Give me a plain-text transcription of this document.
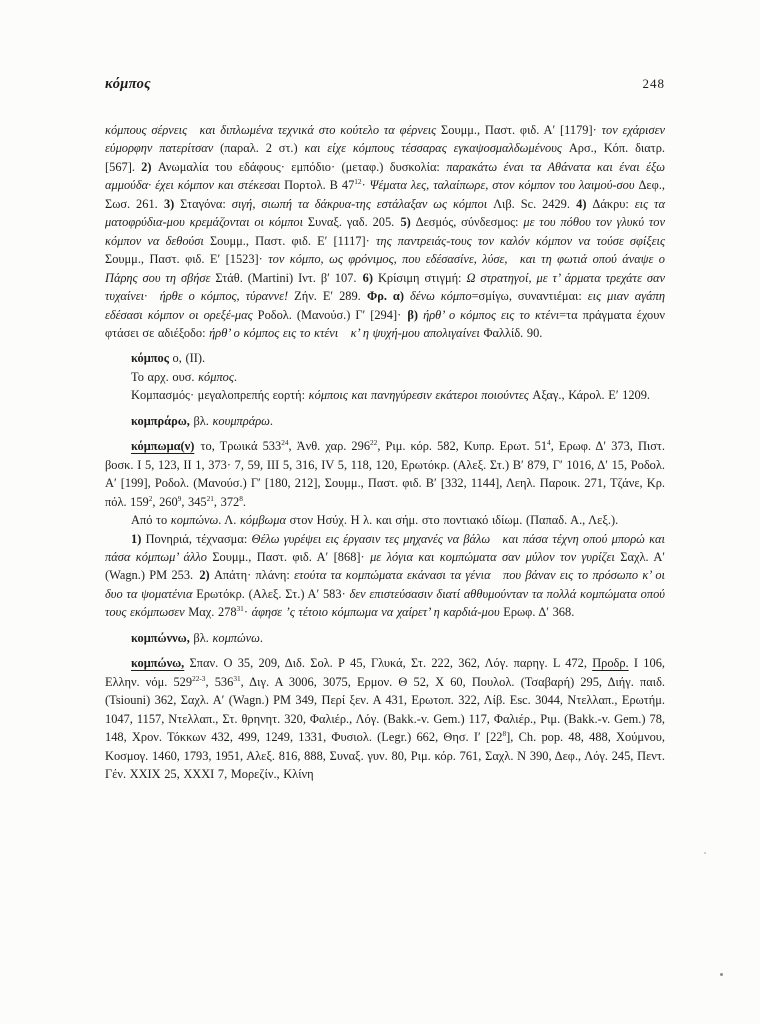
κόμπος	248

κόμπους σέρνεις και διπλωμένα τεχνικά στο κούτελο τα φέρνεις Σουμμ., Παστ. φιδ. Α′ [1179]· τον εχάρισεν εύμορφην πατερίτσαν (παραλ. 2 στ.) και είχε κόμπους τέσσαρας εγκαψοσμαλδωμένους Αρσ., Κόπ. διατρ. [567]. 2) Ανωμαλία του εδάφους· εμπόδιο· (μεταφ.) δυσκολία: παρακάτω έναι τα Αθάνατα και έναι έξω αμμούδα· έχει κόμπον και στέκεσαι Πορτολ. Β $47^{12}\cdot \Psi έ\mu\alpha\tau\alpha$ λες, ταλαίπωρε, στον κόμπον του λαιμού-σου Δεφ., Σωσ. 261. 3) Σταγόνα: σιγή, σιωπή τα δάκρυα-της εστάλαξαν ως κόμποι Λιβ. Sc. 2429. 4) Δάκρυ: εις τα ματοφρύδια-μου κρεμάζονται οι κόμποι Συναξ. γαδ. 205. 5) Δεσμός, σύνδεσμος: με του πόθου τον γλυκύ τον κόμπον να δεθούσι Σουμμ., Παστ. φιδ. Ε′ [1117]· της παντρειάς-τους τον καλόν κόμπον να τούσε σφίξεις Σουμμ., Παστ. φιδ. Ε′ [1523]· τον κόμπο, ως φρόνιμος, που εδέσασίνε, λύσε, και τη φωτιά οπού άναψε ο Πάρης σου τη σβήσε Στάθ. (Martini) Ιντ. β′ 107. 6) Κρίσιμη στιγμή: Ω στρατηγοί, με τ’ άρματα τρεχάτε σαν τυχαίνει· ήρθε ο κόμπος, τύραννε! Ζήν. Ε′ 289. Φρ. α) δένω κόμπο=σμίγω, συναντιέμαι: εις μιαν αγάπη εδέσασι κόμπον οι ορεξέ-μας Ροδολ. (Μανούσ.) Γ′ [294]· β) ήρθ’ ο κόμπος εις το κτένι=τα πράγματα έχουν φτάσει σε αδιέξοδο: ήρθ’ ο κόμπος εις το κτένι κ’ η ψυχή-μου απολιγαίνει Φαλλίδ. 90.

κόμπος ο, (II).

Το αρχ. ουσ. κόμπος.

Κομπασμός· μεγαλοπρεπής εορτή: κόμποις και πανηγύρεσιν εκάτεροι ποιούντες Αξαγ., Κάρολ. Ε′ 1209.

κομπράρω, βλ. κουμπράρω.

κόμπωμα(ν) το, Τρωικά $533^{24}$, Ἀνθ. χαρ. $296^{22}$, Ριμ. κόρ. 582, Κυπρ. Ερωτ. $51^4$, Ερωφ. Δ′ 373, Πιστ. βοσκ. I 5, 123, II 1, 373· 7, 59, III 5, 316, IV 5, 118, 120, Ερωτόκρ. (Αλεξ. Στ.) Β′ 879, Γ′ 1016, Δ′ 15, Ροδολ. Α′ [199], Ροδολ. (Μανούσ.) Γ′ [180, 212], Σουμμ., Παστ. φιδ. Β′ [332, 1144], Λεηλ. Παροικ. 271, Τζάνε, Κρ. πόλ. $159^2$, $260^9$, $345^{21}$, $372^8$.

Από το κομπώνω. Λ. κόμβωμα στον Ησύχ. Η λ. και σήμ. στο ποντιακό ιδίωμ. (Παπαδ. Α., Λεξ.).

1) Πονηριά, τέχνασμα: Θέλω γυρέψει εις έργασιν τες μηχανές να βάλω και πάσα τέχνη οπού μπορώ και πάσα κόμπωμ’ άλλο Σουμμ., Παστ. φιδ. Α′ [868]· με λόγια και κομπώματα σαν μύλον τον γυρίζει Σαχλ. Α′ (Wagn.) PM 253. 2) Απάτη· πλάνη: ετούτα τα κομπώματα εκάνασι τα γένια που βάναν εις το πρόσωπο κ’ οι δυο τα ψοματένια Ερωτόκρ. (Αλεξ. Στ.) Α′ 583· δεν επιστεύσασιν διατί αθθυμούνταν τα πολλά κομπώματα οπού τους εκόμπωσεν Μαχ. $278^{31}\cdot ά\varphi\eta\sigma\varepsilon$ ’ς τέτοιο κόμπωμα να χαίρετ’ η καρδιά-μου Ερωφ. Δ′ 368.

κομπώννω, βλ. κομπώνω.

κομπώνω, Σπαν. Ο 35, 209, Διδ. Σολ. Ρ 45, Γλυκά, Στ. 222, 362, Λόγ. παρηγ. L 472, Προδρ. I 106, Ελλην. νόμ. 529$^{22-3}$, $536^{31}$, Διγ. Α 3006, 3075, Ερμον. Θ 52, Χ 60, Πουλολ. (Τσαβαρή) 295, Διήγ. παιδ. (Tsiouni) 362, Σαχλ. Α′ (Wagn.) PM 349, Περί ξεν. Α 431, Ερωτοπ. 322, Λίβ. Esc. 3044, Ντελλαπ., Ερωτήμ. 1047, 1157, Ντελλαπ., Στ. θρηνητ. 320, Φαλιέρ., Λόγ. (Bakk.-v. Gem.) 117, Φαλιέρ., Ριμ. (Bakk.-v. Gem.) 78, 148, Χρον. Τόκκων 432, 499, 1249, 1331, Φυσιολ. (Legr.) 662, Θησ. Ι′ $[22^8]$, Ch. pop. 48, 488, Χούμνου, Κοσμογ. 1460, 1793, 1951, Αλεξ. 816, 888, Συναξ. γυν. 80, Ριμ. κόρ. 761, Σαχλ. Ν 390, Δεφ., Λόγ. 245, Πεντ. Γέν. XXIX 25, XXXI 7, Μορεζίν., Κλίνη
